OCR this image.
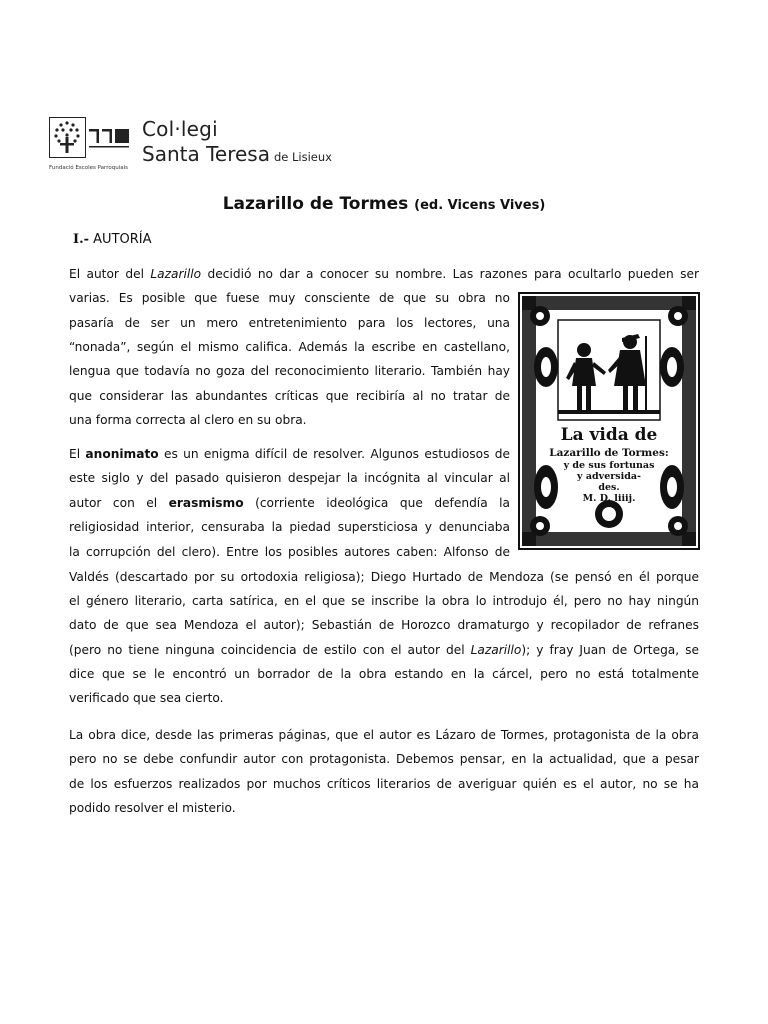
Col·legi
Santa Teresa de Lisieux
Fundació Escoles Parroquials
Lazarillo de Tormes (ed. Vicens Vives)
I.- AUTORÍA
El autor del Lazarillo decidió no dar a conocer su nombre. Las razones para ocultarlo pueden ser
varias. Es posible que fuese muy consciente de que su obra no
pasaría de ser un mero entretenimiento para los lectores, una
“nonada”, según el mismo califica. Además la escribe en castellano,
lengua que todavía no goza del reconocimiento literario. También hay
que considerar las abundantes críticas que recibiría al no tratar de
una forma correcta al clero en su obra.
El anonimato es un enigma difícil de resolver. Algunos estudiosos de
este siglo y del pasado quisieron despejar la incógnita al vincular al
autor con el erasmismo (corriente ideológica que defendía la
religiosidad interior, censuraba la piedad supersticiosa y denunciaba
la corrupción del clero). Entre los posibles autores caben: Alfonso de
Valdés (descartado por su ortodoxia religiosa); Diego Hurtado de Mendoza (se pensó en él porque
el género literario, carta satírica, en el que se inscribe la obra lo introdujo él, pero no hay ningún
dato de que sea Mendoza el autor); Sebastián de Horozco dramaturgo y recopilador de refranes
(pero no tiene ninguna coincidencia de estilo con el autor del Lazarillo); y fray Juan de Ortega, se
dice que se le encontró un borrador de la obra estando en la cárcel, pero no está totalmente
verificado que sea cierto.
La obra dice, desde las primeras páginas, que el autor es Lázaro de Tormes, protagonista de la obra
pero no se debe confundir autor con protagonista. Debemos pensar, en la actualidad, que a pesar
de los esfuerzos realizados por muchos críticos literarios de averiguar quién es el autor, no se ha
podido resolver el misterio.
La vida de
Lazarillo de Tormes:
y de sus fortunas
y adversida-
des.
M. D. liiij.
